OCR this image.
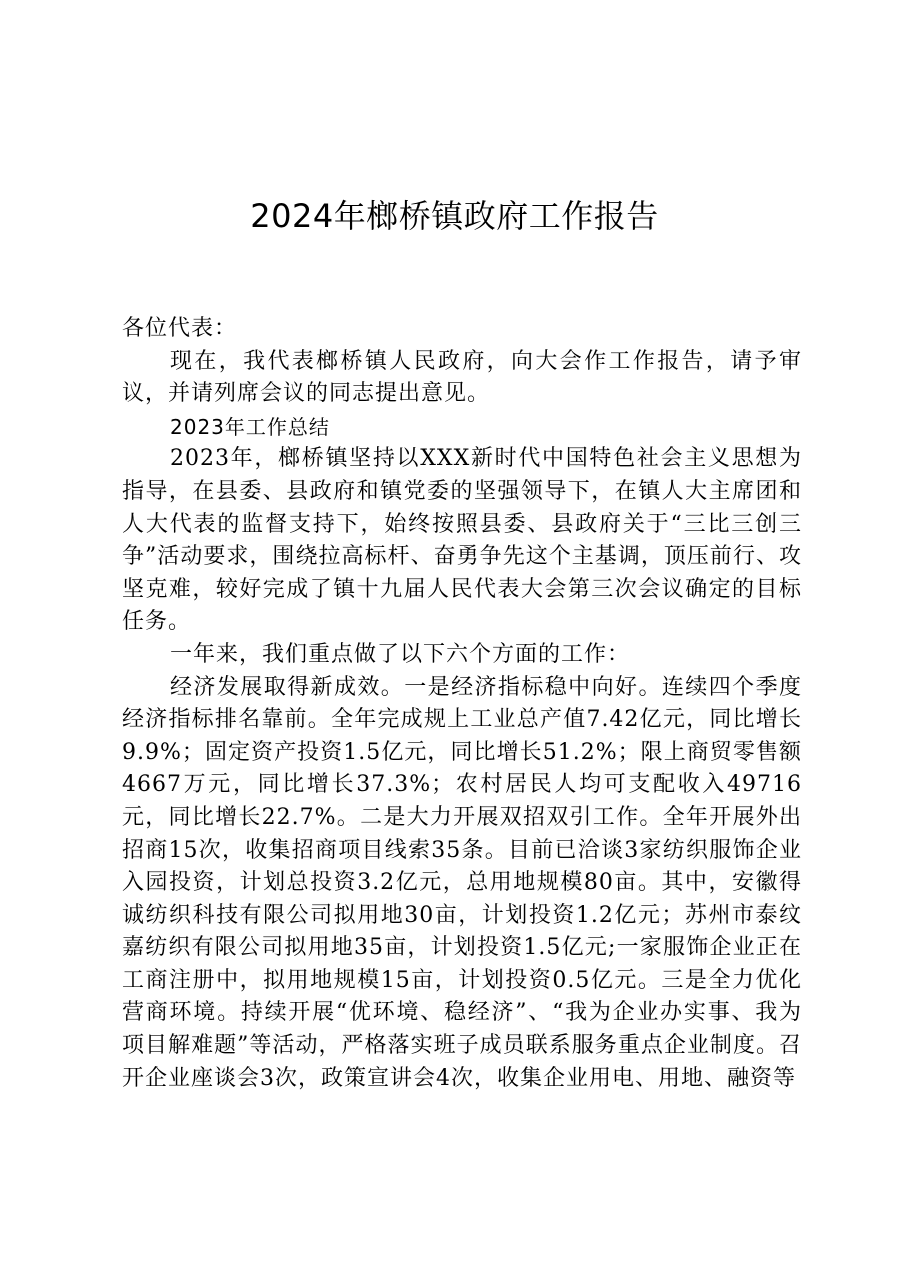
2024年榔桥镇政府工作报告

各位代表：

现在，我代表榔桥镇人民政府，向大会作工作报告，请予审议，并请列席会议的同志提出意见。

2023年工作总结

2023年，榔桥镇坚持以XXX新时代中国特色社会主义思想为指导，在县委、县政府和镇党委的坚强领导下，在镇人大主席团和人大代表的监督支持下，始终按照县委、县政府关于“三比三创三争”活动要求，围绕拉高标杆、奋勇争先这个主基调，顶压前行、攻坚克难，较好完成了镇十九届人民代表大会第三次会议确定的目标任务。

一年来，我们重点做了以下六个方面的工作：

经济发展取得新成效。一是经济指标稳中向好。连续四个季度经济指标排名靠前。全年完成规上工业总产值7.42亿元，同比增长9.9%；固定资产投资1.5亿元，同比增长51.2%；限上商贸零售额4667万元，同比增长37.3%；农村居民人均可支配收入49716元，同比增长22.7%。二是大力开展双招双引工作。全年开展外出招商15次，收集招商项目线索35条。目前已洽谈3家纺织服饰企业入园投资，计划总投资3.2亿元，总用地规模80亩。其中，安徽得诚纺织科技有限公司拟用地30亩，计划投资1.2亿元；苏州市泰纹嘉纺织有限公司拟用地35亩，计划投资1.5亿元;一家服饰企业正在工商注册中，拟用地规模15亩，计划投资0.5亿元。三是全力优化营商环境。持续开展“优环境、稳经济”、“我为企业办实事、我为项目解难题”等活动，严格落实班子成员联系服务重点企业制度。召开企业座谈会3次，政策宣讲会4次，收集企业用电、用地、融资等
